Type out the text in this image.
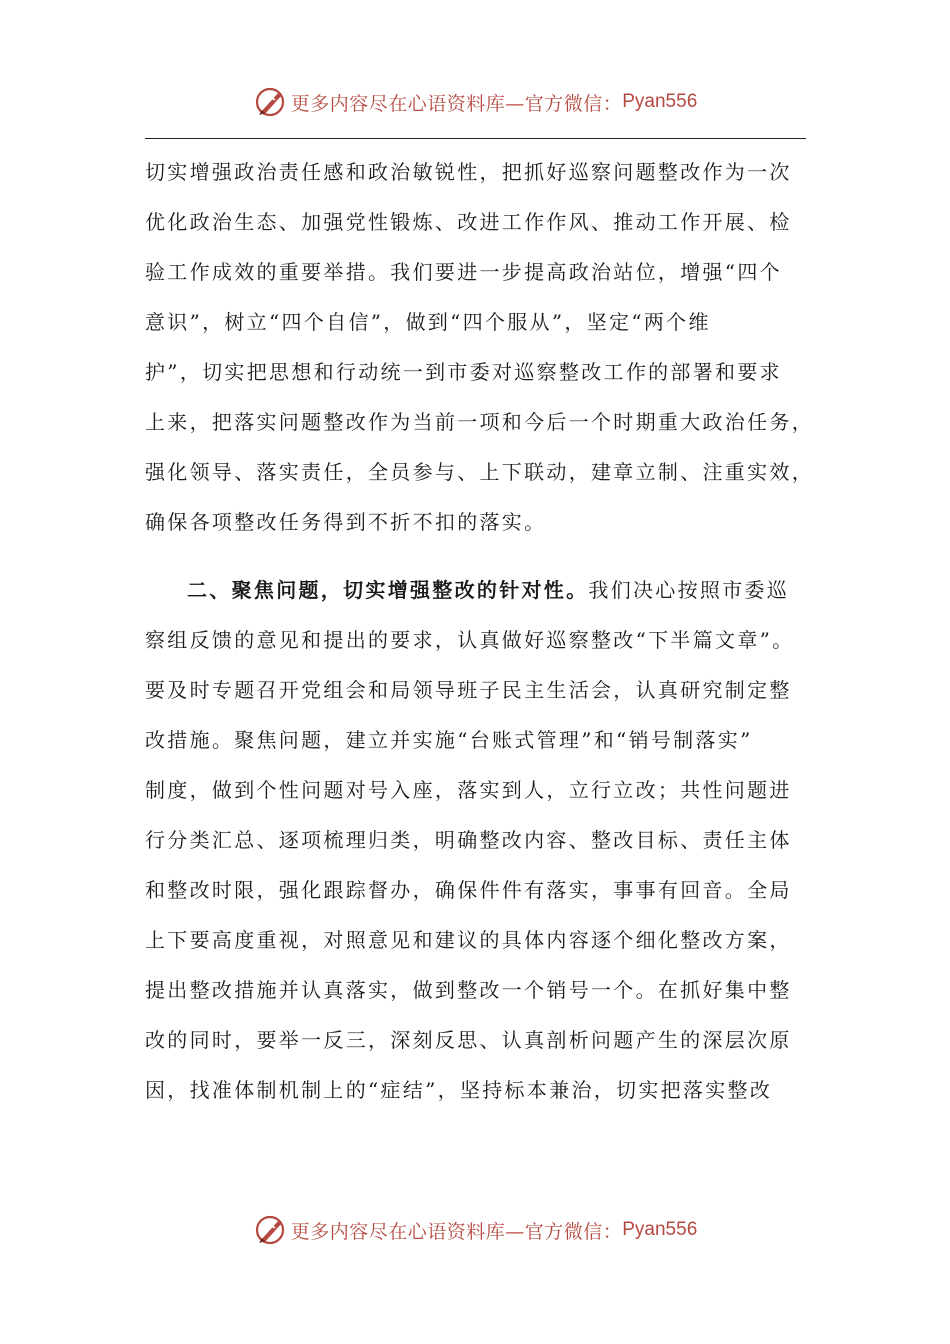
更多内容尽在心语资料库—官方微信： Pyan556
切实增强政治责任感和政治敏锐性，把抓好巡察问题整改作为一次
优化政治生态、加强党性锻炼、改进工作作风、推动工作开展、检
验工作成效的重要举措。我们要进一步提高政治站位，增强“四个
意识”，树立“四个自信”，做到“四个服从”，坚定“两个维
护”，切实把思想和行动统一到市委对巡察整改工作的部署和要求
上来，把落实问题整改作为当前一项和今后一个时期重大政治任务，
强化领导、落实责任，全员参与、上下联动，建章立制、注重实效，
确保各项整改任务得到不折不扣的落实。
二、聚焦问题，切实增强整改的针对性。我们决心按照市委巡
察组反馈的意见和提出的要求，认真做好巡察整改“下半篇文章”。
要及时专题召开党组会和局领导班子民主生活会，认真研究制定整
改措施。聚焦问题，建立并实施“台账式管理”和“销号制落实”
制度，做到个性问题对号入座，落实到人，立行立改；共性问题进
行分类汇总、逐项梳理归类，明确整改内容、整改目标、责任主体
和整改时限，强化跟踪督办，确保件件有落实，事事有回音。全局
上下要高度重视，对照意见和建议的具体内容逐个细化整改方案，
提出整改措施并认真落实，做到整改一个销号一个。在抓好集中整
改的同时，要举一反三，深刻反思、认真剖析问题产生的深层次原
因，找准体制机制上的“症结”，坚持标本兼治，切实把落实整改
更多内容尽在心语资料库—官方微信： Pyan556
